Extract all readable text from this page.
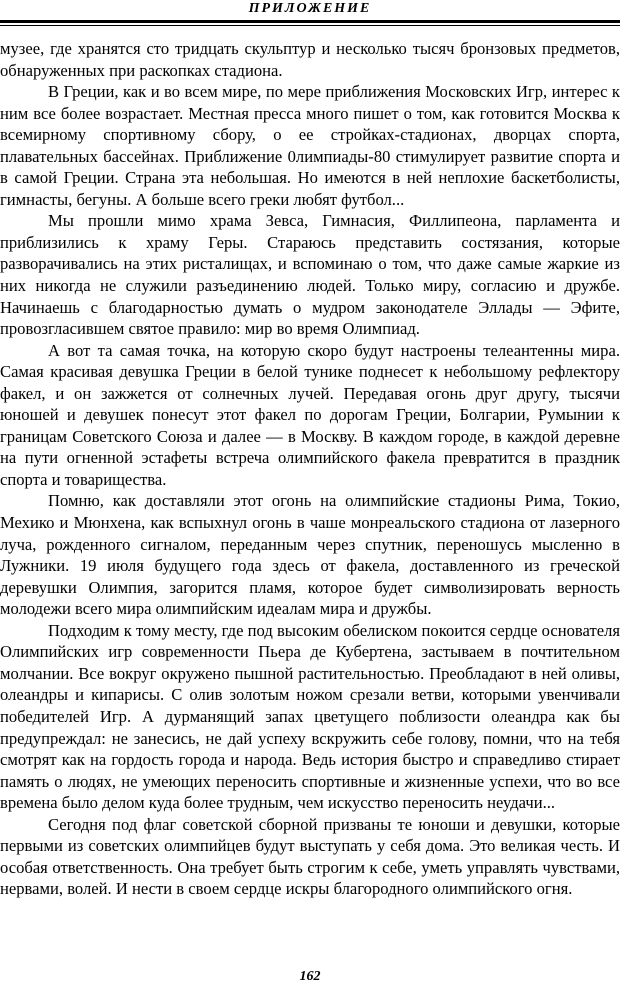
ПРИЛОЖЕНИЕ

музее, где хранятся сто тридцать скульптур и несколько тысяч бронзовых предметов, обнаруженных при раскопках стадиона.

В Греции, как и во всем мире, по мере приближения Московских Игр, интерес к ним все более возрастает. Местная пресса много пишет о том, как готовится Москва к всемирному спортивному сбору, о ее стройках-стадионах, дворцах спорта, плавательных бассейнах. Приближение 0лимпиады-80 стимулирует развитие спорта и в самой Греции. Страна эта небольшая. Но имеются в ней неплохие баскетболисты, гимнасты, бегуны. А больше всего греки любят футбол...

Мы прошли мимо храма Зевса, Гимнасия, Филлипеона, парламента и приблизились к храму Геры. Стараюсь представить состязания, которые разворачивались на этих ристалищах, и вспоминаю о том, что даже самые жаркие из них никогда не служили разъединению людей. Только миру, согласию и дружбе. Начинаешь с благодарностью думать о мудром законодателе Эллады — Эфите, провозгласившем святое правило: мир во время Олимпиад.

А вот та самая точка, на которую скоро будут настроены телеантенны мира. Самая красивая девушка Греции в белой тунике поднесет к небольшому рефлектору факел, и он зажжется от солнечных лучей. Передавая огонь друг другу, тысячи юношей и девушек понесут этот факел по дорогам Греции, Болгарии, Румынии к границам Советского Союза и далее — в Москву. В каждом городе, в каждой деревне на пути огненной эстафеты встреча олимпийского факела превратится в праздник спорта и товарищества.

Помню, как доставляли этот огонь на олимпийские стадионы Рима, Токио, Мехико и Мюнхена, как вспыхнул огонь в чаше монреальского стадиона от лазерного луча, рожденного сигналом, переданным через спутник, переношусь мысленно в Лужники. 19 июля будущего года здесь от факела, доставленного из греческой деревушки Олимпия, загорится пламя, которое будет символизировать верность молодежи всего мира олимпийским идеалам мира и дружбы.

Подходим к тому месту, где под высоким обелиском покоится сердце основателя Олимпийских игр современности Пьера де Кубертена, застываем в почтительном молчании. Все вокруг окружено пышной растительностью. Преобладают в ней оливы, олеандры и кипарисы. С олив золотым ножом срезали ветви, которыми увенчивали победителей Игр. А дурманящий запах цветущего поблизости олеандра как бы предупреждал: не занесись, не дай успеху вскружить себе голову, помни, что на тебя смотрят как на гордость города и народа. Ведь история быстро и справедливо стирает память о людях, не умеющих переносить спортивные и жизненные успехи, что во все времена было делом куда более трудным, чем искусство переносить неудачи...

Сегодня под флаг советской сборной призваны те юноши и девушки, которые первыми из советских олимпийцев будут выступать у себя дома. Это великая честь. И особая ответственность. Она требует быть строгим к себе, уметь управлять чувствами, нервами, волей. И нести в своем сердце искры благородного олимпийского огня.

162
